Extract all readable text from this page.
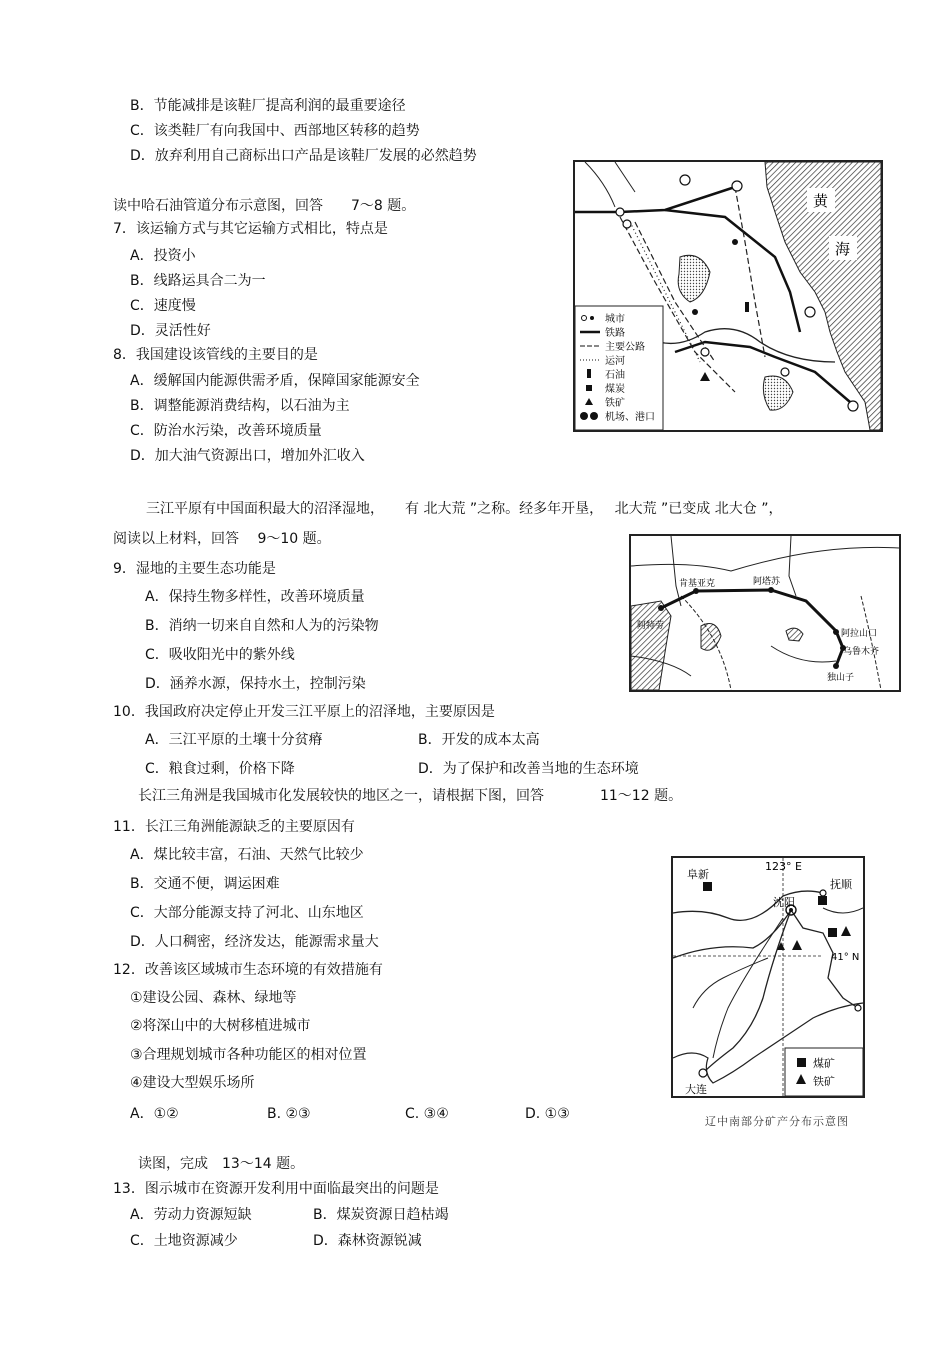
B．节能减排是该鞋厂提高利润的最重要途径
C．该类鞋厂有向我国中、西部地区转移的趋势
D．放弃利用自己商标出口产品是该鞋厂发展的必然趋势
读中哈石油管道分布示意图，回答　　7～8 题。
7．该运输方式与其它运输方式相比，特点是
A．投资小
B．线路运具合二为一
C．速度慢
D．灵活性好
8．我国建设该管线的主要目的是
A．缓解国内能源供需矛盾，保障国家能源安全
B．调整能源消费结构，以石油为主
C．防治水污染，改善环境质量
D．加大油气资源出口，增加外汇收入
黄
海
城市
铁路
主要公路
运河
石油
煤炭
铁矿
机场、港口
三江平原有中国面积最大的沼泽湿地，　　有 北大荒 ”之称。经多年开垦，　 北大荒 ”已变成 北大仓 ”，
阅读以上材料，回答　 9～10 题。
9．湿地的主要生态功能是
A．保持生物多样性，改善环境质量
B．消纳一切来自自然和人为的污染物
C．吸收阳光中的紫外线
D．涵养水源，保持水土，控制污染
肯基亚克	阿塔苏
阿特劳
阿拉山口
乌鲁木齐
独山子
10．我国政府决定停止开发三江平原上的沼泽地，主要原因是
A．三江平原的土壤十分贫瘠	B．开发的成本太高
C．粮食过剩，价格下降	D．为了保护和改善当地的生态环境
长江三角洲是我国城市化发展较快的地区之一，请根据下图，回答　　　　11～12 题。
11．长江三角洲能源缺乏的主要原因有
A．煤比较丰富，石油、天然气比较少
B．交通不便，调运困难
C．大部分能源支持了河北、山东地区
D．人口稠密，经济发达，能源需求量大
12．改善该区域城市生态环境的有效措施有
①建设公园、森林、绿地等
②将深山中的大树移植进城市
③合理规划城市各种功能区的相对位置
④建设大型娱乐场所
A．①②	B. ②③	C. ③④	D. ①③
123° E
41° N
阜新
抚顺
沈阳
大连
煤矿
铁矿
辽中南部分矿产分布示意图
读图，完成　13～14 题。
13．图示城市在资源开发利用中面临最突出的问题是
A．劳动力资源短缺	B．煤炭资源日趋枯竭
C．土地资源减少	D．森林资源锐减
